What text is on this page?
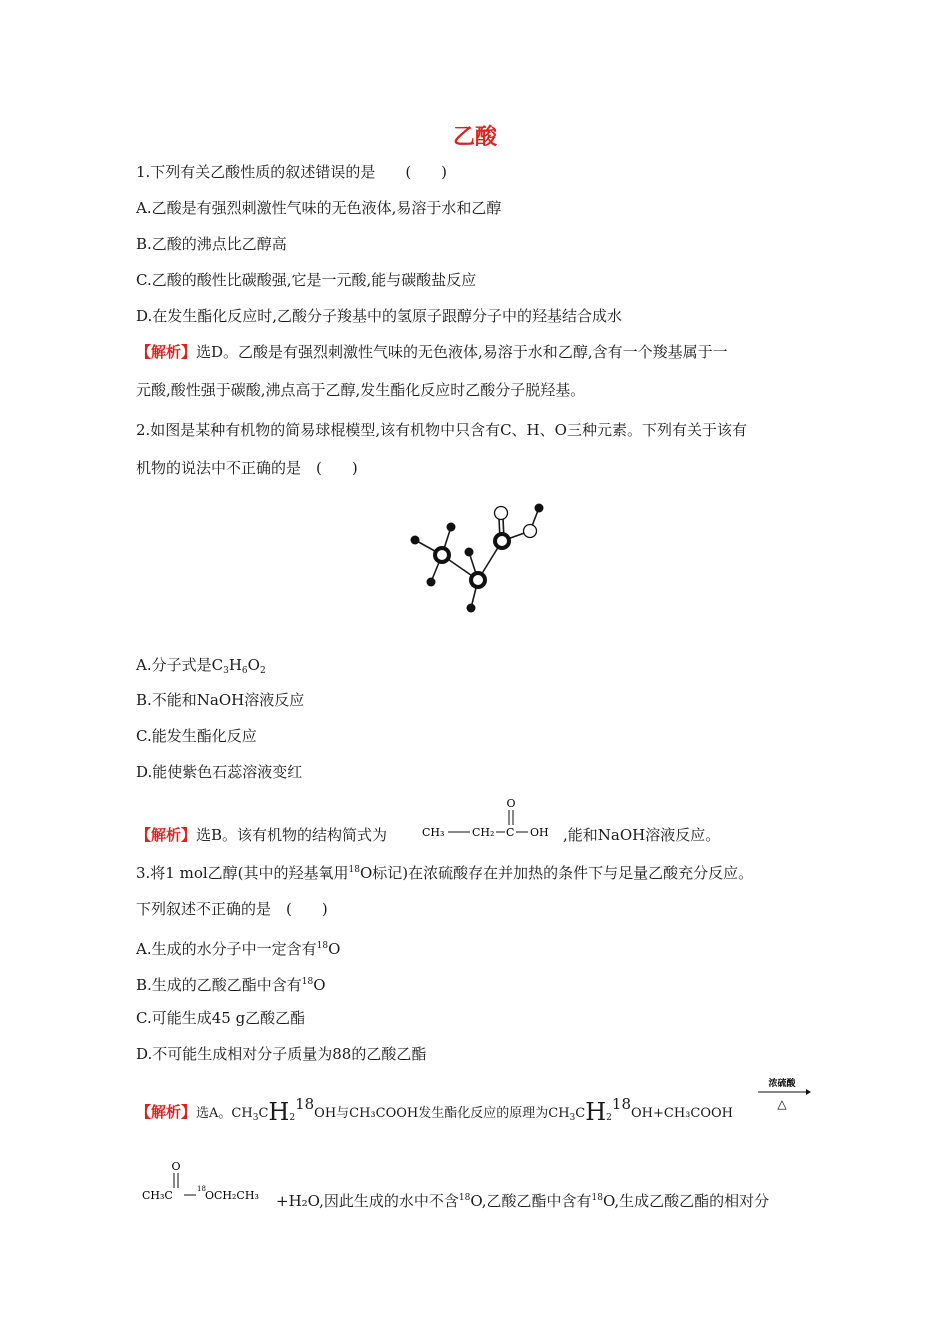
乙酸
1.下列有关乙酸性质的叙述错误的是　　(　　)
A.乙酸是有强烈刺激性气味的无色液体,易溶于水和乙醇
B.乙酸的沸点比乙醇高
C.乙酸的酸性比碳酸强,它是一元酸,能与碳酸盐反应
D.在发生酯化反应时,乙酸分子羧基中的氢原子跟醇分子中的羟基结合成水
【解析】选D。乙酸是有强烈刺激性气味的无色液体,易溶于水和乙醇,含有一个羧基属于一
元酸,酸性强于碳酸,沸点高于乙醇,发生酯化反应时乙酸分子脱羟基。
2.如图是某种有机物的简易球棍模型,该有机物中只含有C、H、O三种元素。下列有关于该有
机物的说法中不正确的是　(　　)
A.分子式是$C_3H_6O_2$
B.不能和NaOH溶液反应
C.能发生酯化反应
D.能使紫色石蕊溶液变红
【解析】选B。该有机物的结构简式为
O
CH₃	CH₂ C OH ,能和NaOH溶液反应。
3.将1 mol乙醇(其中的羟基氧用$^{18}$O标记)在浓硫酸存在并加热的条件下与足量乙酸充分反应。
下列叙述不正确的是　(　　)
A.生成的水分子中一定含有$^{18}$O
B.生成的乙酸乙酯中含有$^{18}$O
C.可能生成45 g乙酸乙酯
D.不可能生成相对分子质量为88的乙酸乙酯
【解析】选A。$CH_3CH_218OH$与CH₃COOH发生酯化反应的原理为$CH_3CH_218OH+CH_3COOH$
浓硫酸
△
O
CH₃C	18 OCH₂CH₃ +H₂O,因此生成的水中不含$^{18}$O,乙酸乙酯中含有$^{18}$O,生成乙酸乙酯的相对分
